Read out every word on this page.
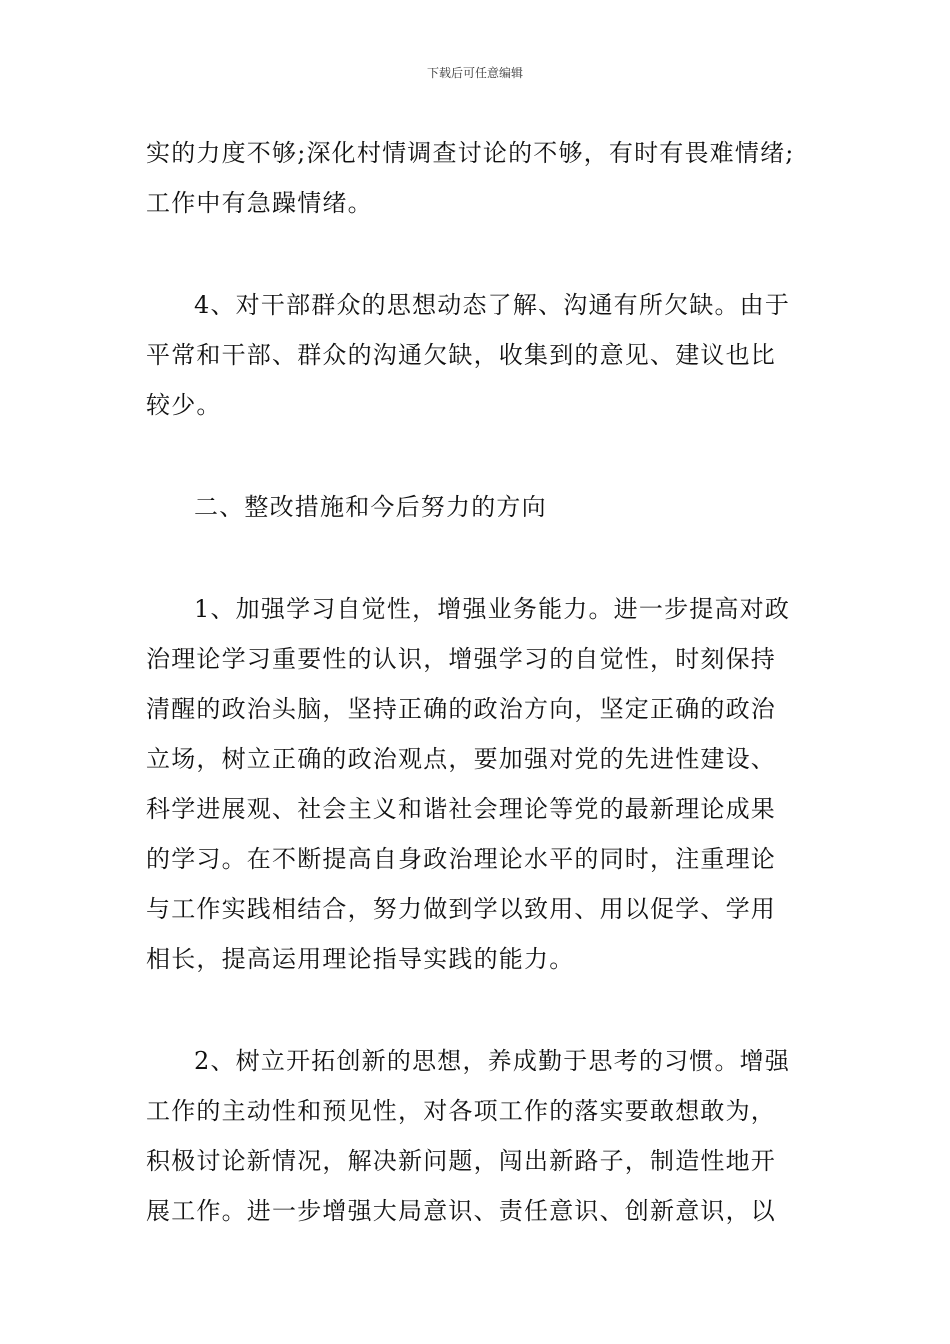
下载后可任意编辑
实的力度不够;深化村情调查讨论的不够，有时有畏难情绪;
工作中有急躁情绪。
4、对干部群众的思想动态了解、沟通有所欠缺。由于
平常和干部、群众的沟通欠缺，收集到的意见、建议也比
较少。
二、整改措施和今后努力的方向
1、加强学习自觉性，增强业务能力。进一步提高对政
治理论学习重要性的认识，增强学习的自觉性，时刻保持
清醒的政治头脑，坚持正确的政治方向，坚定正确的政治
立场，树立正确的政治观点，要加强对党的先进性建设、
科学进展观、社会主义和谐社会理论等党的最新理论成果
的学习。在不断提高自身政治理论水平的同时，注重理论
与工作实践相结合，努力做到学以致用、用以促学、学用
相长，提高运用理论指导实践的能力。
2、树立开拓创新的思想，养成勤于思考的习惯。增强
工作的主动性和预见性，对各项工作的落实要敢想敢为，
积极讨论新情况，解决新问题，闯出新路子，制造性地开
展工作。进一步增强大局意识、责任意识、创新意识，以
